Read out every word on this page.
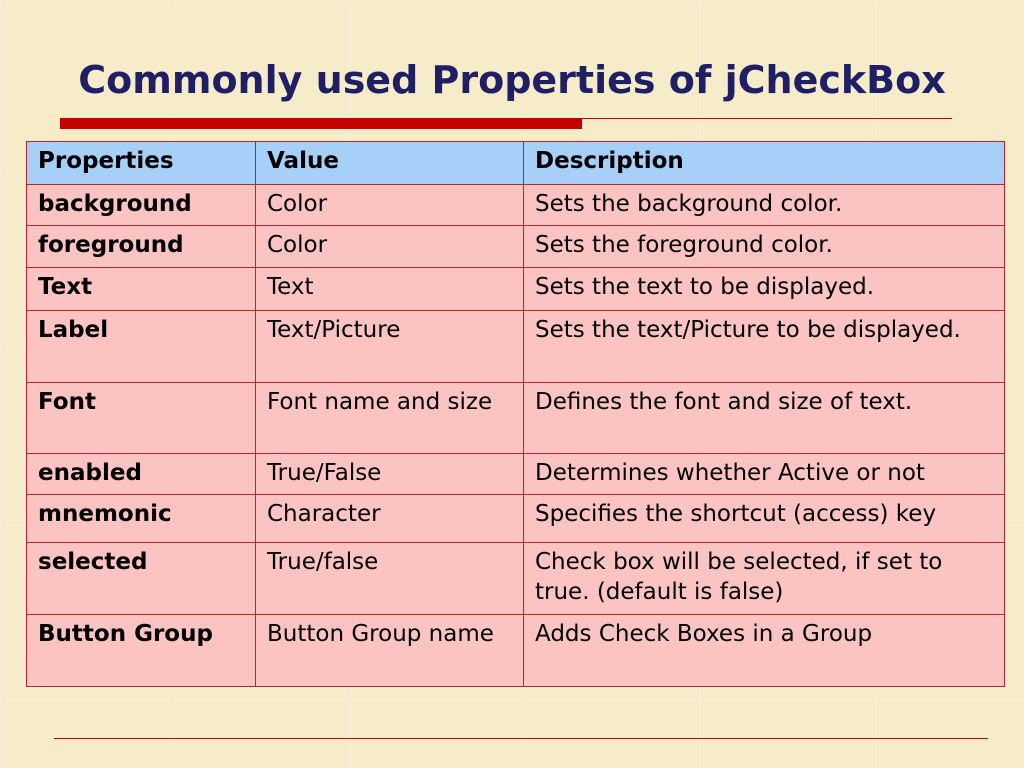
Commonly used Properties of jCheckBox
Properties	Value	Description
background	Color	Sets the background color.
foreground	Color	Sets the foreground color.
Text	Text	Sets the text to be displayed.
Label	Text/Picture	Sets the text/Picture to be displayed.
Font	Font name and size	Defines the font and size of text.
enabled	True/False	Determines whether Active or not
mnemonic	Character	Specifies the shortcut (access) key
selected	True/false	Check box will be selected, if set to true. (default is false)
Button Group	Button Group name	Adds Check Boxes in a Group
